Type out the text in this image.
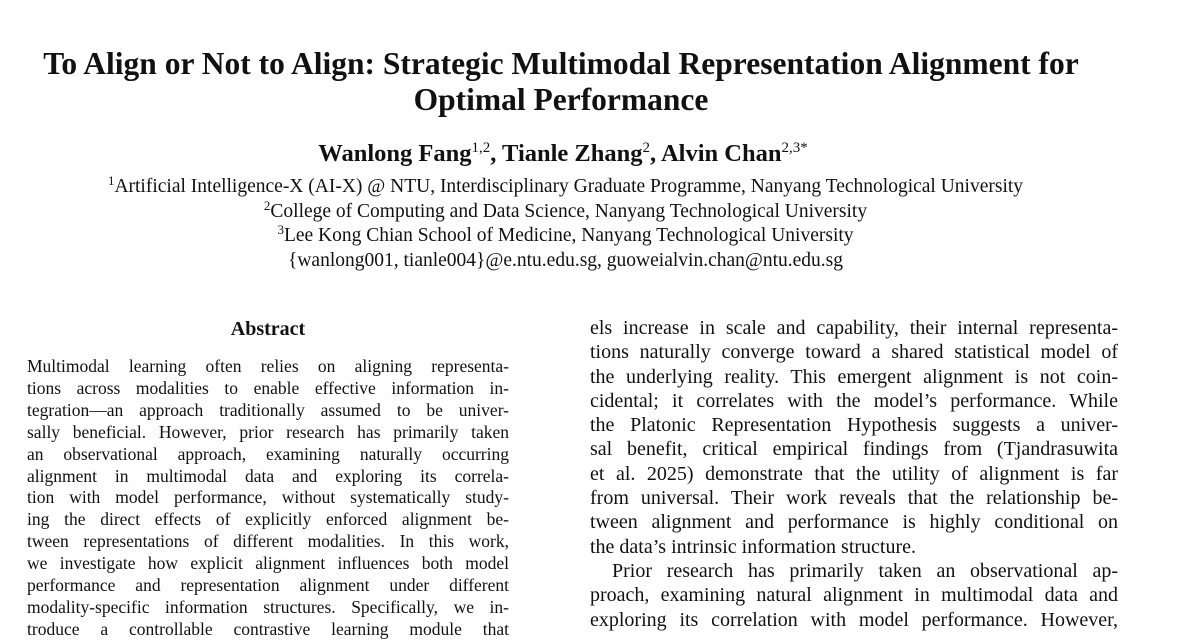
To Align or Not to Align: Strategic Multimodal Representation Alignment for
Optimal Performance
Wanlong Fang$^{1,2}$, Tianle Zhang$^2$, Alvin Chan$^{2,3*}$
$^1$Artificial Intelligence-X (AI-X) @ NTU, Interdisciplinary Graduate Programme, Nanyang Technological University
$^2$College of Computing and Data Science, Nanyang Technological University
$^3$Lee Kong Chian School of Medicine, Nanyang Technological University
{wanlong001, tianle004}@e.ntu.edu.sg, guoweialvin.chan@ntu.edu.sg
Abstract
Multimodal learning often relies on aligning representa-
tions across modalities to enable effective information in-
tegration—an approach traditionally assumed to be univer-
sally beneficial. However, prior research has primarily taken
an observational approach, examining naturally occurring
alignment in multimodal data and exploring its correla-
tion with model performance, without systematically study-
ing the direct effects of explicitly enforced alignment be-
tween representations of different modalities. In this work,
we investigate how explicit alignment influences both model
performance and representation alignment under different
modality-specific information structures. Specifically, we in-
troduce a controllable contrastive learning module that
els increase in scale and capability, their internal representa-
tions naturally converge toward a shared statistical model of
the underlying reality. This emergent alignment is not coin-
cidental; it correlates with the model’s performance. While
the Platonic Representation Hypothesis suggests a univer-
sal benefit, critical empirical findings from (Tjandrasuwita
et al. 2025) demonstrate that the utility of alignment is far
from universal. Their work reveals that the relationship be-
tween alignment and performance is highly conditional on
the data’s intrinsic information structure.
Prior research has primarily taken an observational ap-
proach, examining natural alignment in multimodal data and
exploring its correlation with model performance. However,
